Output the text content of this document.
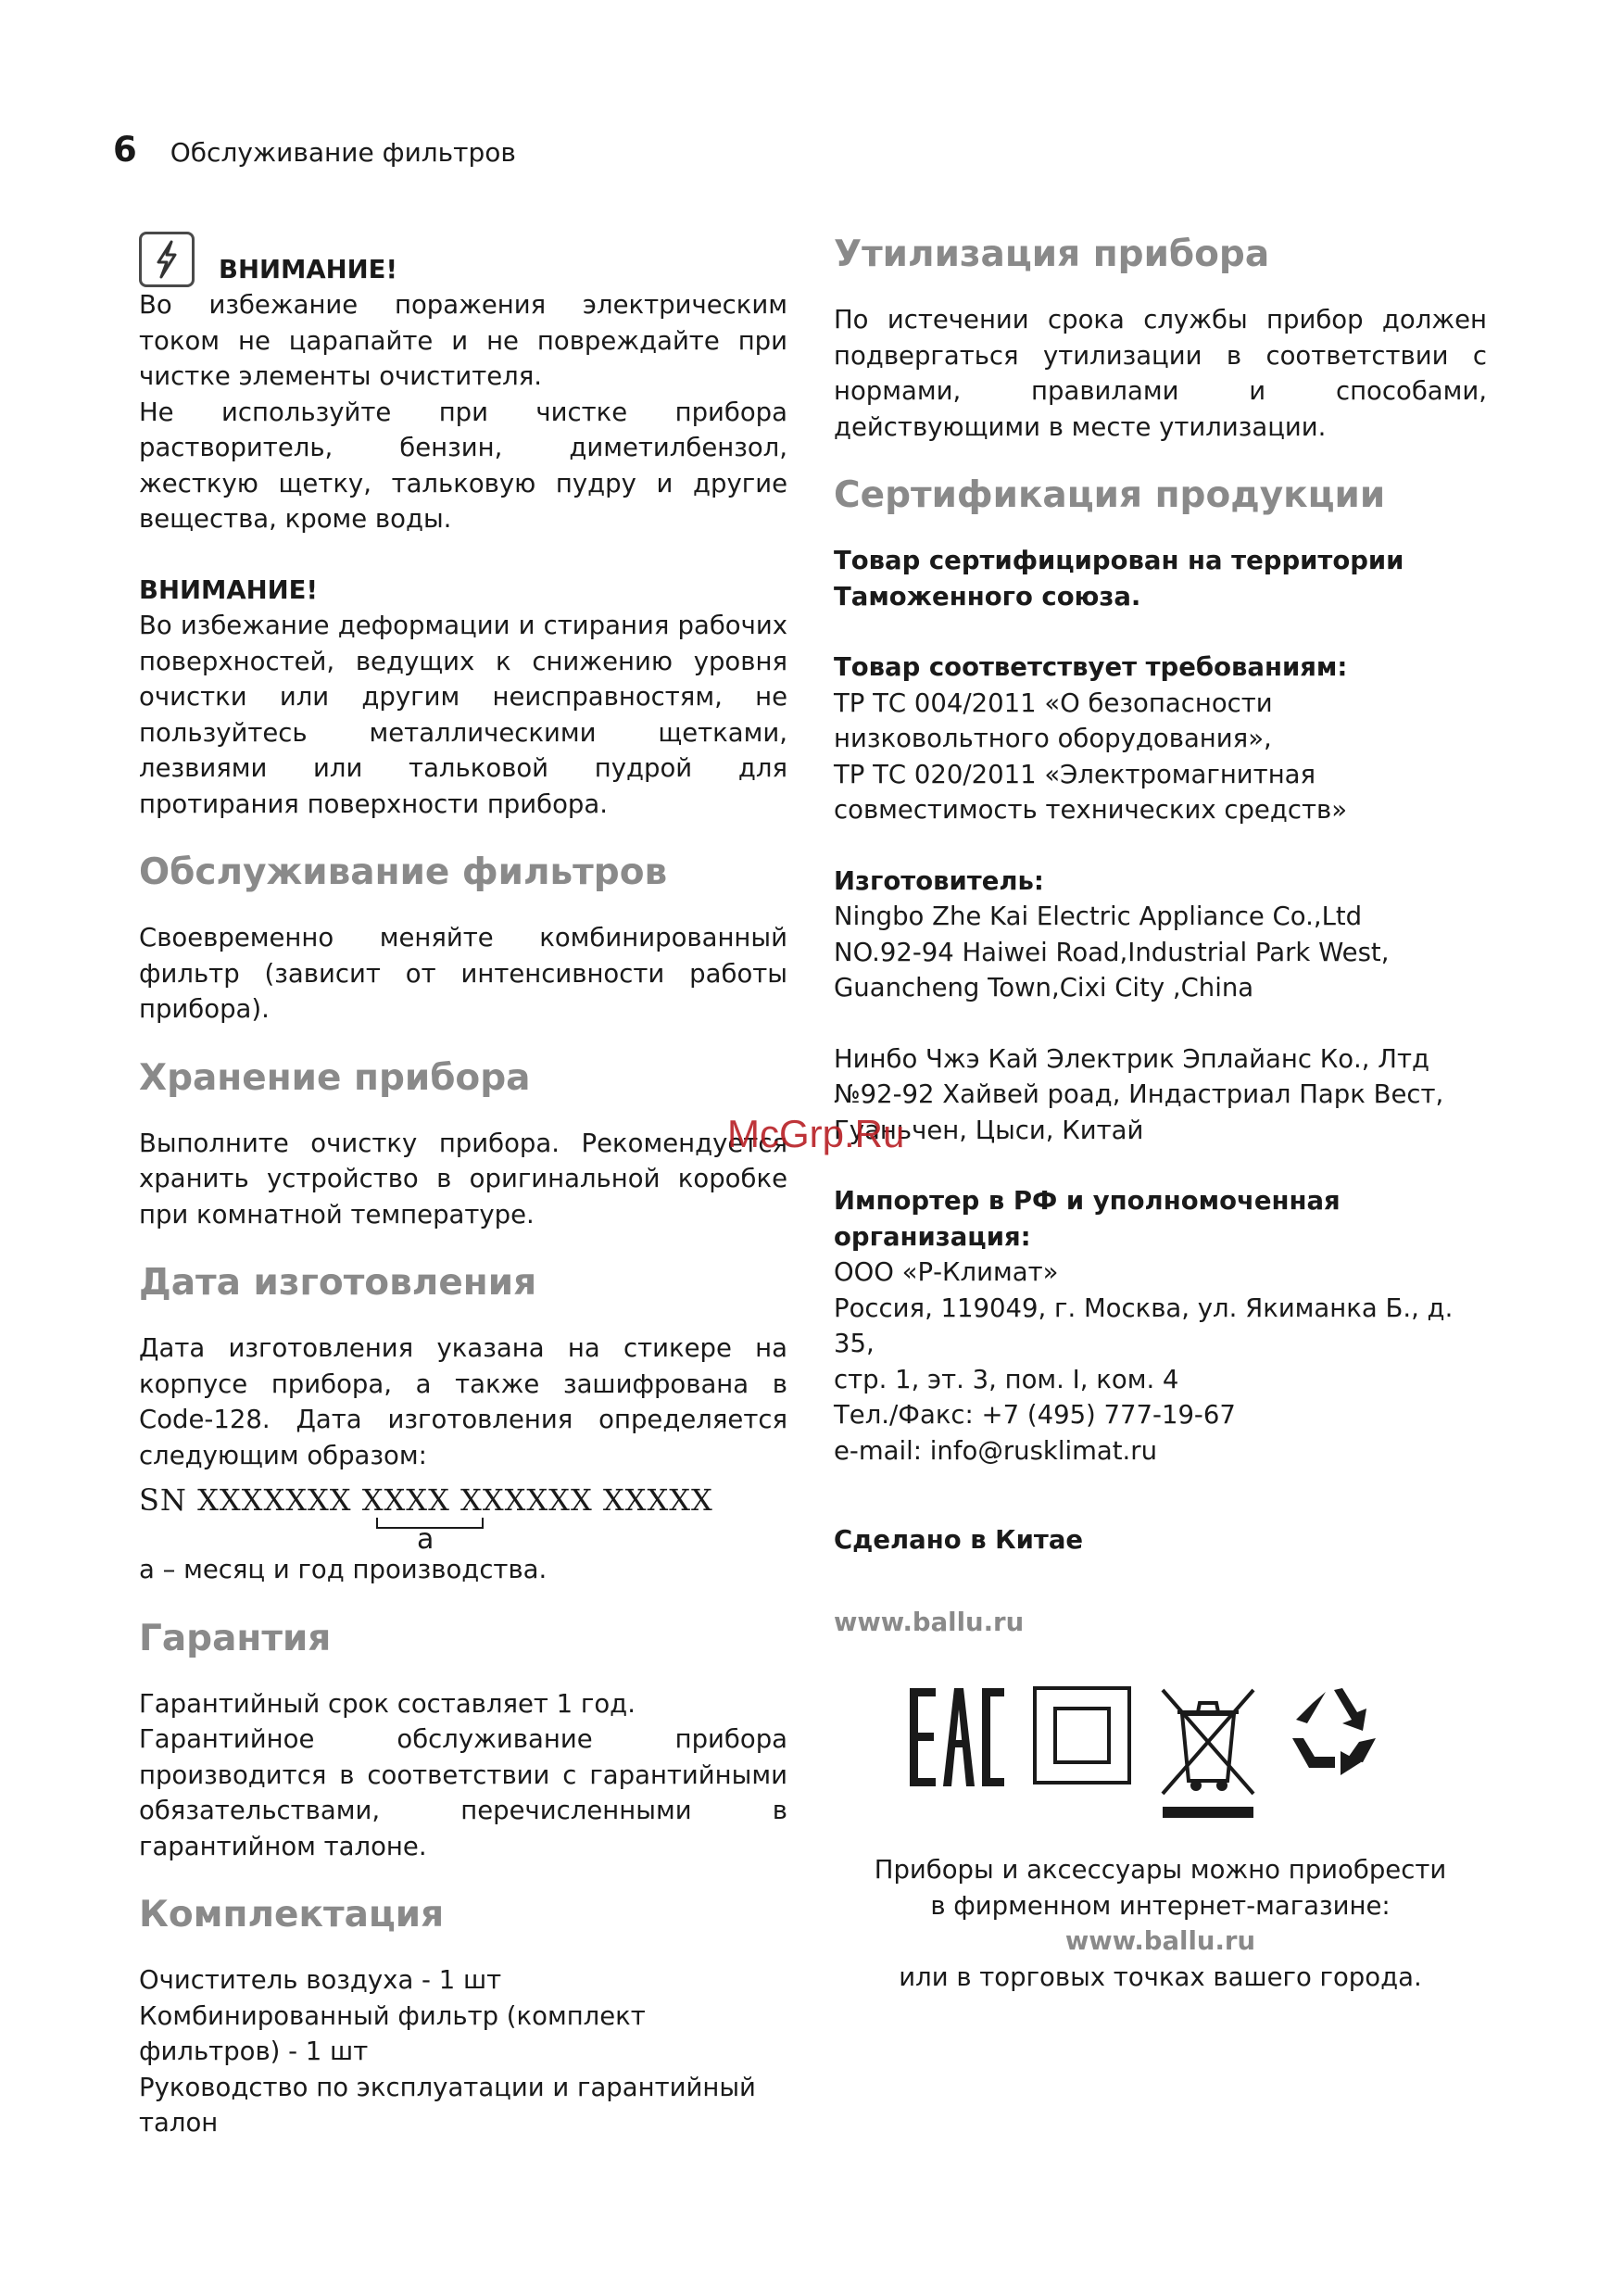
6 Обслуживание фильтров
ВНИМАНИЕ!

Во избежание поражения электрическим током не царапайте и не повреждайте при чистке элементы очистителя.

Не используйте при чистке прибора растворитель, бензин, диметилбензол, жесткую щетку, тальковую пудру и другие вещества, кроме воды.

ВНИМАНИЕ!

Во избежание деформации и стирания рабочих поверхностей, ведущих к снижению уровня очистки или другим неисправностям, не пользуйтесь металлическими щетками, лезвиями или тальковой пудрой для протирания поверхности прибора.

Обслуживание фильтров

Своевременно меняйте комбинированный фильтр (зависит от интенсивности работы прибора).

Хранение прибора

Выполните очистку прибора. Рекомендуется хранить устройство в оригинальной коробке при комнатной температуре.

Дата изготовления

Дата изготовления указана на стикере на корпусе прибора, а также зашифрована в Code-128. Дата изготовления определяется следующим образом:

SN XXXXXXX XXXX XXXXXX XXXXX
a

а – месяц и год производства.

Гарантия

Гарантийный срок составляет 1 год.

Гарантийное обслуживание прибора производится в соответствии с гарантийными обязательствами, перечисленными в гарантийном талоне.

Комплектация

Очиститель воздуха - 1 шт

Комбинированный фильтр (комплект фильтров) - 1 шт

Руководство по эксплуатации и гарантийный талон

Утилизация прибора

По истечении срока службы прибор должен подвергаться утилизации в соответствии с нормами, правилами и способами, действующими в месте утилизации.

Сертификация продукции

Товар сертифицирован на территории Таможенного союза.

Товар соответствует требованиям:

ТР ТС 004/2011 «О безопасности низковольтного оборудования»,

ТР ТС 020/2011 «Электромагнитная совместимость технических средств»

Изготовитель:

Ningbo Zhe Kai Electric Appliance Co.,Ltd

NO.92-94 Haiwei Road,Industrial Park West,

Guancheng Town,Cixi City ,China

Нинбо Чжэ Кай Электрик Эплайанс Ко., Лтд

№92-92 Хайвей роад, Индастриал Парк Вест,

Гуаньчен, Цыси, Китай

Импортер в РФ и уполномоченная организация:

ООО «Р-Климат»

Россия, 119049, г. Москва, ул. Якиманка Б., д. 35,

стр. 1, эт. 3, пом. I, ком. 4

Тел./Факс: +7 (495) 777-19-67

e-mail: info@rusklimat.ru

Сделано в Китае

www.ballu.ru

Приборы и аксессуары можно приобрести

в фирменном интернет-магазине:

www.ballu.ru

или в торговых точках вашего города.

McGrp.Ru
